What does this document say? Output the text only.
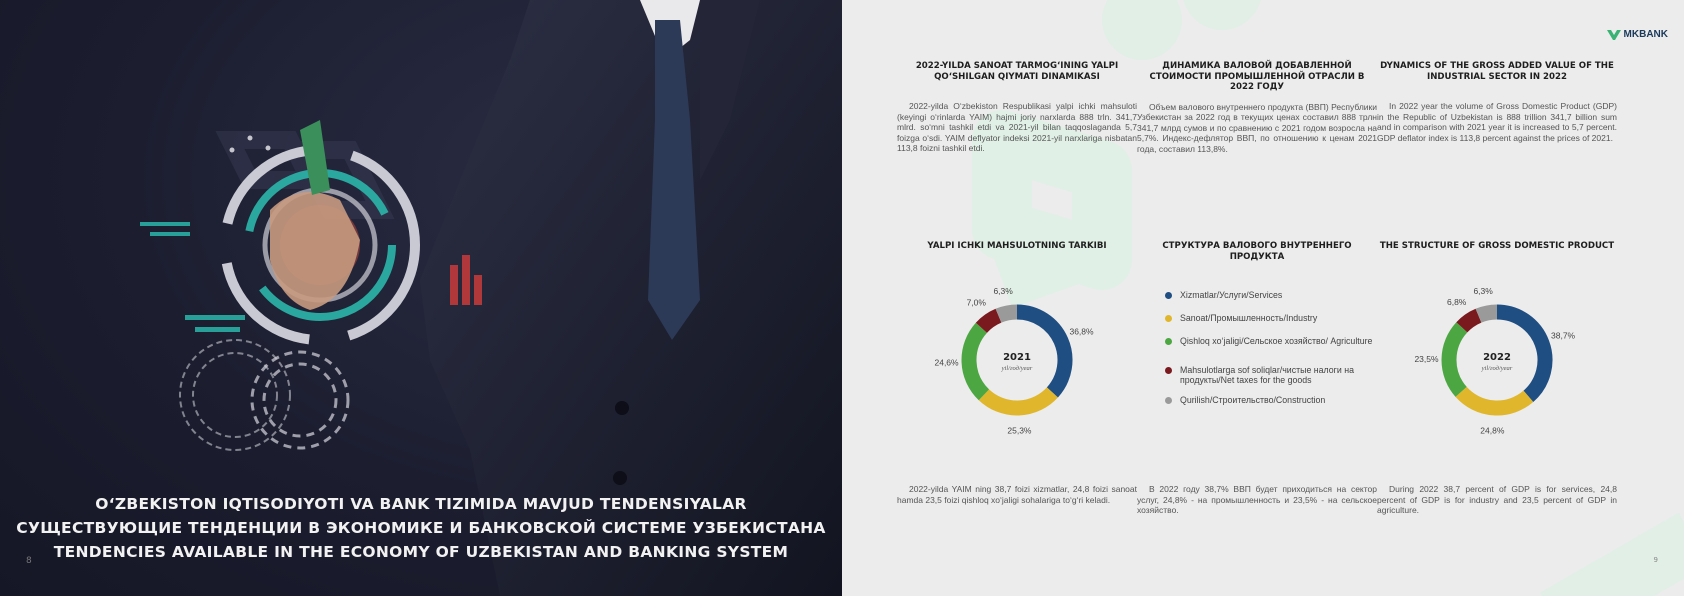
O‘ZBEKISTON IQTISODIYOTI VA BANK TIZIMIDA MAVJUD TENDENSIYALAR
СУЩЕСТВУЮЩИЕ ТЕНДЕНЦИИ В ЭКОНОМИКЕ И БАНКОВСКОЙ СИСТЕМЕ УЗБЕКИСТАНА
TENDENCIES AVAILABLE IN THE ECONOMY OF UZBEKISTAN AND BANKING SYSTEM
8
MKBANK
2022-YILDA SANOAT TARMOG‘INING YALPI QO‘SHILGAN QIYMATI DINAMIKASI

2022-yilda O‘zbekiston Respublikasi yalpi ichki mahsuloti (keyingi o‘rinlarda YAIM) hajmi joriy narxlarda 888 trln. 341,7 mlrd. so‘mni tashkil etdi va 2021-yil bilan taqqoslaganda 5,7 foizga o‘sdi. YAIM deflyator indeksi 2021-yil narxlariga nisbatan 113,8 foizni tashkil etdi.

ДИНАМИКА ВАЛОВОЙ ДОБАВЛЕННОЙ СТОИМОСТИ ПРОМЫШЛЕННОЙ ОТРАСЛИ В 2022 ГОДУ

Объем валового внутреннего продукта (ВВП) Республики Узбекистан за 2022 год в текущих ценах составил 888 трлн 341,7 млрд сумов и по сравнению с 2021 годом возросла на 5,7%. Индекс-дефлятор ВВП, по отношению к ценам 2021 года, составил 113,8%.

DYNAMICS OF THE GROSS ADDED VALUE OF THE INDUSTRIAL SECTOR IN 2022

In 2022 year the volume of Gross Domestic Product (GDP) in the Republic of Uzbekistan is 888 trillion 341,7 billion sum and in comparison with 2021 year it is increased to 5,7 percent. GDP deflator index is 113,8 percent against the prices of 2021.

YALPI ICHKI MAHSULOTNING TARKIBI	СТРУКТУРА ВАЛОВОГО ВНУТРЕННЕГО ПРОДУКТА
THE STRUCTURE OF GROSS DOMESTIC PRODUCT
36,8%
25,3%
24,6%
7,0%
6,3%
2021
yil/год/year
38,7%
24,8%
23,5%
6,8%
6,3%
2022
yil/год/year
Xizmatlar/Услуги/Services
Sanoat/Промышленность/Industry
Qishloq xo‘jaligi/Сельское хозяйство/ Agriculture
Mahsulotlarga sof soliqlar/чистые налоги на продукты/Net taxes for the goods
Qurilish/Строительство/Construction
2022-yilda YAIM ning 38,7 foizi xizmatlar, 24,8 foizi sanoat hamda 23,5 foizi qishloq xo‘jaligi sohalariga to‘g‘ri keladi.
В 2022 году 38,7% ВВП будет приходиться на сектор услуг, 24,8% - на промышленность и 23,5% - на сельское хозяйство.
During 2022 38,7 percent of GDP is for services, 24,8 percent of GDP is for industry and 23,5 percent of GDP in agriculture.
9
